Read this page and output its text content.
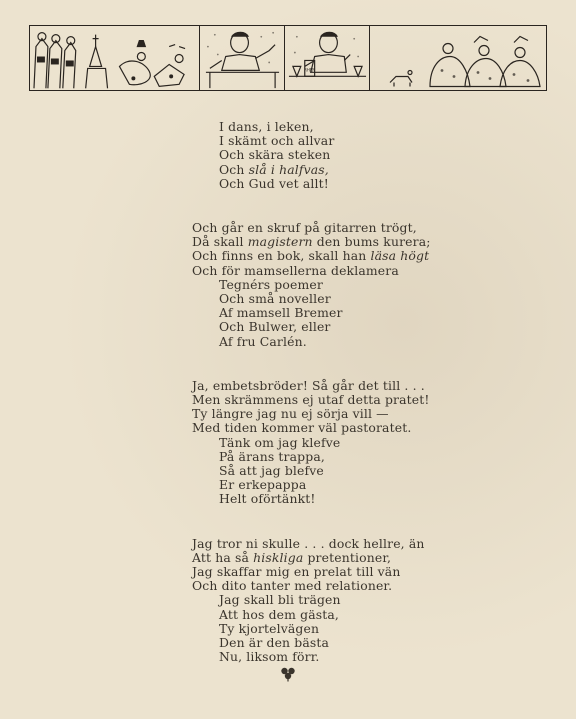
RHEN
I dans, i leken,
I skämt och allvar
Och skära steken
Och slå i halfvas,
Och Gud vet allt!
Och går en skruf på gitarren trögt,
Då skall magistern den bums kurera;
Och finns en bok, skall han läsa högt
Och för mamsellerna deklamera
Tegnérs poemer
Och små noveller
Af mamsell Bremer
Och Bulwer, eller
Af fru Carlén.
Ja, embetsbröder! Så går det till . . .
Men skrämmens ej utaf detta pratet!
Ty längre jag nu ej sörja vill —
Med tiden kommer väl pastoratet.
Tänk om jag klefve
På ärans trappa,
Så att jag blefve
Er erkepappa
Helt oförtänkt!
Jag tror ni skulle . . . dock hellre, än
Att ha så hiskliga pretentioner,
Jag skaffar mig en prelat till vän
Och dito tanter med relationer.
Jag skall bli trägen
Att hos dem gästa,
Ty kjortelvägen
Den är den bästa
Nu, liksom förr.
